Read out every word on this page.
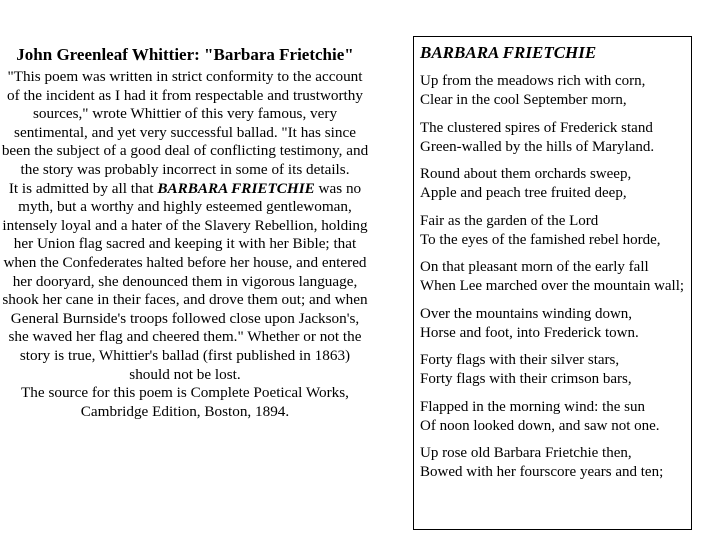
John Greenleaf Whittier: "Barbara Frietchie"

"This poem was written in strict conformity to the account of the incident as I had it from respectable and trustworthy sources," wrote Whittier of this very famous, very sentimental, and yet very successful ballad. "It has since been the subject of a good deal of conflicting testimony, and the story was probably incorrect in some of its details.

It is admitted by all that BARBARA FRIETCHIE was no myth, but a worthy and highly esteemed gentlewoman, intensely loyal and a hater of the Slavery Rebellion, holding her Union flag sacred and keeping it with her Bible; that when the Confederates halted before her house, and entered her dooryard, she denounced them in vigorous language, shook her cane in their faces, and drove them out; and when General Burnside's troops followed close upon Jackson's, she waved her flag and cheered them." Whether or not the story is true, Whittier's ballad (first published in 1863) should not be lost.

The source for this poem is Complete Poetical Works, Cambridge Edition, Boston, 1894.

BARBARA FRIETCHIE
Up from the meadows rich with corn,
Clear in the cool September morn,
The clustered spires of Frederick stand
Green-walled by the hills of Maryland.
Round about them orchards sweep,
Apple and peach tree fruited deep,
Fair as the garden of the Lord
To the eyes of the famished rebel horde,
On that pleasant morn of the early fall
When Lee marched over the mountain wall;
Over the mountains winding down,
Horse and foot, into Frederick town.
Forty flags with their silver stars,
Forty flags with their crimson bars,
Flapped in the morning wind: the sun
Of noon looked down, and saw not one.
Up rose old Barbara Frietchie then,
Bowed with her fourscore years and ten;
